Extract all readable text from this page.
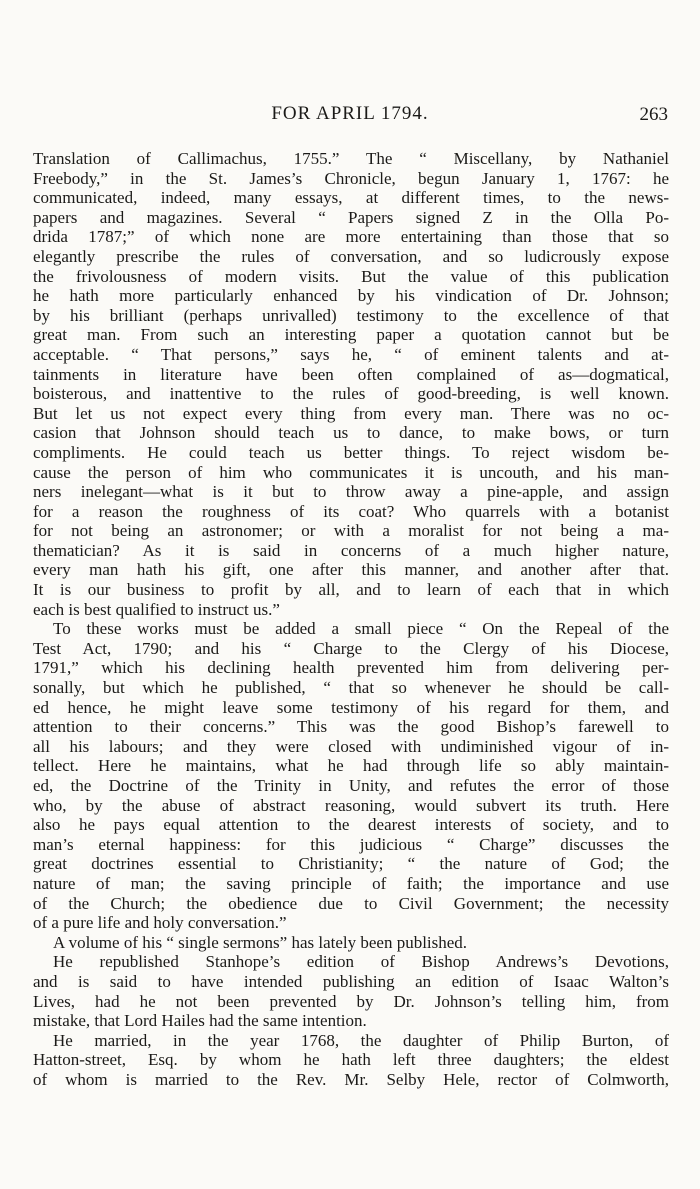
FOR APRIL 1794.	263
Translation of Callimachus, 1755.” The “ Miscellany, by Nathaniel
Freebody,” in the St. James’s Chronicle, begun January 1, 1767: he
communicated, indeed, many essays, at different times, to the news-
papers and magazines. Several “ Papers signed Z in the Olla Po-
drida 1787;” of which none are more entertaining than those that so
elegantly prescribe the rules of conversation, and so ludicrously expose
the frivolousness of modern visits. But the value of this publication
he hath more particularly enhanced by his vindication of Dr. Johnson;
by his brilliant (perhaps unrivalled) testimony to the excellence of that
great man. From such an interesting paper a quotation cannot but be
acceptable. “ That persons,” says he, “ of eminent talents and at-
tainments in literature have been often complained of as—dogmatical,
boisterous, and inattentive to the rules of good-breeding, is well known.
But let us not expect every thing from every man. There was no oc-
casion that Johnson should teach us to dance, to make bows, or turn
compliments. He could teach us better things. To reject wisdom be-
cause the person of him who communicates it is uncouth, and his man-
ners inelegant—what is it but to throw away a pine-apple, and assign
for a reason the roughness of its coat? Who quarrels with a botanist
for not being an astronomer; or with a moralist for not being a ma-
thematician? As it is said in concerns of a much higher nature,
every man hath his gift, one after this manner, and another after that.
It is our business to profit by all, and to learn of each that in which
each is best qualified to instruct us.”
To these works must be added a small piece “ On the Repeal of the
Test Act, 1790; and his “ Charge to the Clergy of his Diocese,
1791,” which his declining health prevented him from delivering per-
sonally, but which he published, “ that so whenever he should be call-
ed hence, he might leave some testimony of his regard for them, and
attention to their concerns.” This was the good Bishop’s farewell to
all his labours; and they were closed with undiminished vigour of in-
tellect. Here he maintains, what he had through life so ably maintain-
ed, the Doctrine of the Trinity in Unity, and refutes the error of those
who, by the abuse of abstract reasoning, would subvert its truth. Here
also he pays equal attention to the dearest interests of society, and to
man’s eternal happiness: for this judicious “ Charge” discusses the
great doctrines essential to Christianity; “ the nature of God; the
nature of man; the saving principle of faith; the importance and use
of the Church; the obedience due to Civil Government; the necessity
of a pure life and holy conversation.”
A volume of his “ single sermons” has lately been published.
He republished Stanhope’s edition of Bishop Andrews’s Devotions,
and is said to have intended publishing an edition of Isaac Walton’s
Lives, had he not been prevented by Dr. Johnson’s telling him, from
mistake, that Lord Hailes had the same intention.
He married, in the year 1768, the daughter of Philip Burton, of
Hatton-street, Esq. by whom he hath left three daughters; the eldest
of whom is married to the Rev. Mr. Selby Hele, rector of Colmworth,
